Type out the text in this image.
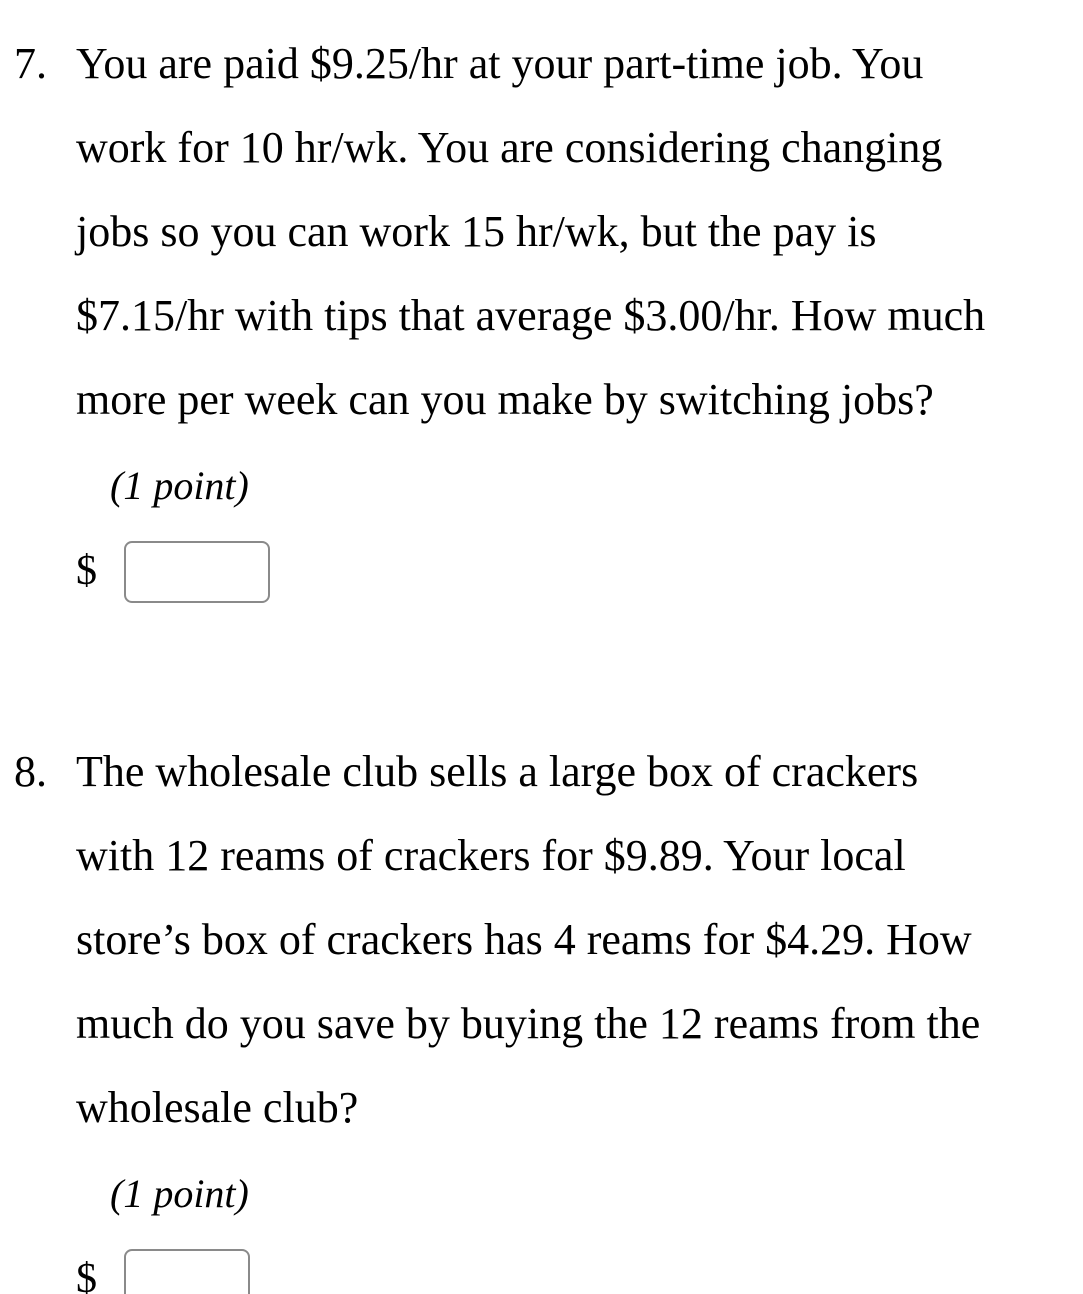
7. You are paid $9.25/hr at your part-time job. You
work for 10 hr/wk. You are considering changing
jobs so you can work 15 hr/wk, but the pay is
$7.15/hr with tips that average $3.00/hr. How much
more per week can you make by switching jobs?
(1 point)
$
8. The wholesale club sells a large box of crackers
with 12 reams of crackers for $9.89. Your local
store’s box of crackers has 4 reams for $4.29. How
much do you save by buying the 12 reams from the
wholesale club?
(1 point)
$
